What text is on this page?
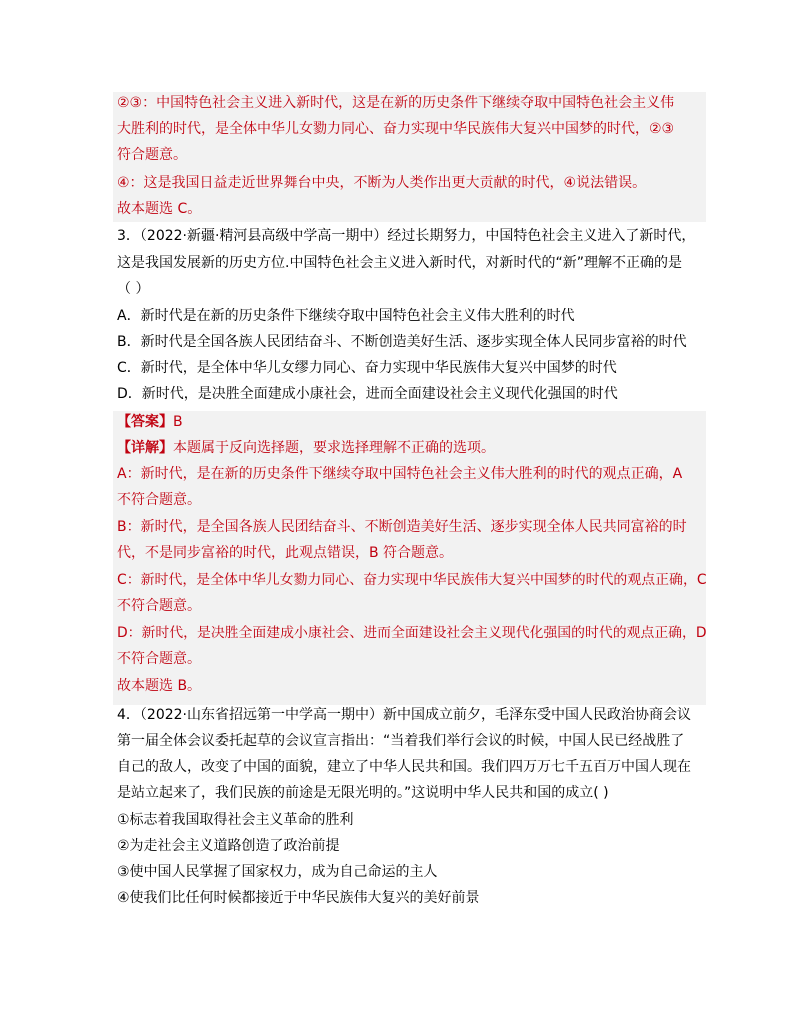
②③：中国特色社会主义进入新时代，这是在新的历史条件下继续夺取中国特色社会主义伟
大胜利的时代，是全体中华儿女勠力同心、奋力实现中华民族伟大复兴中国梦的时代，②③
符合题意。
④：这是我国日益走近世界舞台中央，不断为人类作出更大贡献的时代，④说法错误。
故本题选 C。
3．（2022·新疆·精河县高级中学高一期中）经过长期努力，中国特色社会主义进入了新时代，
这是我国发展新的历史方位.中国特色社会主义进入新时代，对新时代的“新”理解不正确的是
（ ）
A．新时代是在新的历史条件下继续夺取中国特色社会主义伟大胜利的时代
B．新时代是全国各族人民团结奋斗、不断创造美好生活、逐步实现全体人民同步富裕的时代
C．新时代，是全体中华儿女缪力同心、奋力实现中华民族伟大复兴中国梦的时代
D．新时代，是决胜全面建成小康社会，进而全面建设社会主义现代化强国的时代
【答案】B
【详解】本题属于反向选择题，要求选择理解不正确的选项。
A：新时代，是在新的历史条件下继续夺取中国特色社会主义伟大胜利的时代的观点正确，A
不符合题意。
B：新时代，是全国各族人民团结奋斗、不断创造美好生活、逐步实现全体人民共同富裕的时
代，不是同步富裕的时代，此观点错误，B 符合题意。
C：新时代，是全体中华儿女勠力同心、奋力实现中华民族伟大复兴中国梦的时代的观点正确，C
不符合题意。
D：新时代，是决胜全面建成小康社会、进而全面建设社会主义现代化强国的时代的观点正确，D
不符合题意。
故本题选 B。
4．（2022·山东省招远第一中学高一期中）新中国成立前夕，毛泽东受中国人民政治协商会议
第一届全体会议委托起草的会议宣言指出：“当着我们举行会议的时候，中国人民已经战胜了
自己的敌人，改变了中国的面貌，建立了中华人民共和国。我们四万万七千五百万中国人现在
是站立起来了，我们民族的前途是无限光明的。”这说明中华人民共和国的成立( )
①标志着我国取得社会主义革命的胜利
②为走社会主义道路创造了政治前提
③使中国人民掌握了国家权力，成为自己命运的主人
④使我们比任何时候都接近于中华民族伟大复兴的美好前景
